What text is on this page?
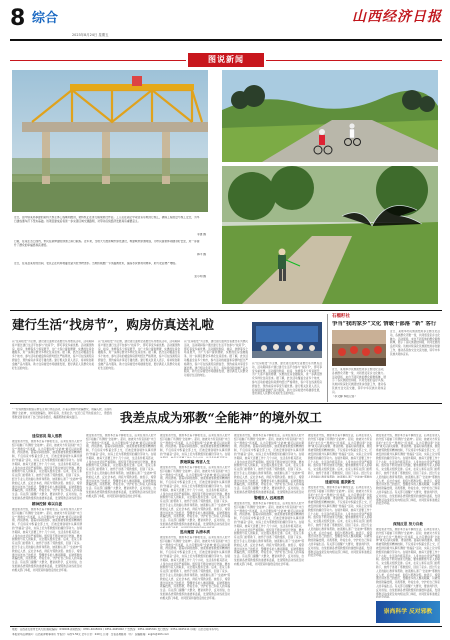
8 综合
2023年8月24日 星期五
山西经济日报
图说新闻
近日，由中铁某局承建的某特大桥主体工程顺利推进，架桥机正在进行箱梁架设作业。工人们在高空中紧张有序地进行施工，确保工程质量与施工安全，为早日建成通车打下坚实基础。该项目建成后将进一步完善区域交通路网，对带动沿线经济发展具有重要意义。
李建 摄
日前，在某生态公园内，市民在新修建的绿道上骑行锻炼。近年来，当地大力推进城市绿化建设，构建城市绿道网络，为市民提供休闲健身好去处，进一步提升了群众的幸福感和获得感。
韩平 摄
近日，在某县某村的田间，农民正在利用喷灌设备为农作物浇水。当地积极推广节水灌溉技术，提高水资源利用效率，助力农业增产增收。
张小明 摄
建行生活“找房节”，购房仿真送礼啦
以“住房租赁”为主题，建设银行面向全省推出系列惠民活动，活动期间客户通过建行生活平台参与“找房节”，即可享受多重优惠。活动围绕购房、租房、装修等多个场景展开，为广大客户提供便捷、实惠的住房金融服务，进一步满足群众多样化住房需求。据了解，此次活动覆盖全省多个地市，参与活动的楼盘和房源均经过严格筛选，客户可在线浏览房源信息、预约看房并享受专属优惠。建行相关负责人表示，将持续创新金融产品与服务，助力住房租赁市场健康发展，更好满足人民群众对美好生活的向往。
以“住房租赁”为主题，建设银行面向全省推出系列惠民活动，活动期间客户通过建行生活平台参与“找房节”，即可享受多重优惠。活动围绕购房、租房、装修等多个场景展开，为广大客户提供便捷、实惠的住房金融服务，进一步满足群众多样化住房需求。据了解，此次活动覆盖全省多个地市，参与活动的楼盘和房源均经过严格筛选，客户可在线浏览房源信息、预约看房并享受专属优惠。建行相关负责人表示，将持续创新金融产品与服务，助力住房租赁市场健康发展，更好满足人民群众对美好生活的向往。
以“住房租赁”为主题，建设银行面向全省推出系列惠民活动，活动期间客户通过建行生活平台参与“找房节”，即可享受多重优惠。活动围绕购房、租房、装修等多个场景展开，为广大客户提供便捷、实惠的住房金融服务，进一步满足群众多样化住房需求。据了解，此次活动覆盖全省多个地市，参与活动的楼盘和房源均经过严格筛选，客户可在线浏览房源信息、预约看房并享受专属优惠。建行相关负责人表示，将持续创新金融产品与服务，助力住房租赁市场健康发展，更好满足人民群众对美好生活的向往。
以“住房租赁”为主题，建设银行面向全省推出系列惠民活动，活动期间客户通过建行生活平台参与“找房节”，即可享受多重优惠。活动围绕购房、租房、装修等多个场景展开，为广大客户提供便捷、实惠的住房金融服务，进一步满足群众多样化住房需求。据了解，此次活动覆盖全省多个地市，参与活动的楼盘和房源均经过严格筛选，客户可在线浏览房源信息、预约看房并享受专属优惠。建行相关负责人表示，将持续创新金融产品与服务，助力住房租赁市场健康发展，更好满足人民群众对美好生活的向往。
石榴籽社
争当“我的家乡”文化 情暖千部落 “新” 客行
近日，某地举办民族团结进步主题文化活动，各族群众齐聚一堂，共同感受家乡文化魅力。活动现场，来自不同民族的群众载歌载舞，展示了各民族团结和睦、共同发展的良好风貌。该地持续深化民族团结进步创建工作，推动各民族交往交流交融，铸牢中华民族共同体意识。
近日，某地举办民族团结进步主题文化活动，各族群众齐聚一堂，共同感受家乡文化魅力。活动现场，来自不同民族的群众载歌载舞，展示了各民族团结和睦、共同发展的良好风貌。该地持续深化民族团结进步创建工作，推动各民族交往交流交融，铸牢中华民族共同体意识。
（李文静 本报记者）
“一些邪教组织假借宗教名义进行非法活动，打着宗教旗号欺骗群众，诱骗入教，宣扬所谓的‘全能神’，实则敛财骗色，破坏家庭，危害社会。”在近日召开的座谈会上，曾经的邪教受害者讲述了自己的亲身经历，揭露邪教的真实面目。	我差点成为邪教“全能神”的境外奴工
迷信邪说 陷入邪教
据受害者介绍，她原本过着平静的生活，后来在身边人的介绍下接触了所谓的“全能神”。起初，她被对方所宣扬的“末日论”“得救论”所迷惑，认为只要信奉“全能神”就可以消灾避祸、得到拯救。随着时间的推移，她逐渐被邪教组织精神控制，不仅将家中积蓄全部上交，还被安排到境外从事所谓的“传福音”活动，实际上沦为邪教组织的廉价劳动力。在境外期间，她每天需要工作十几个小时，生活条件极其恶劣，人身自由也受到严格限制。组织者不断对她进行洗脑，要求她断绝与家人的联系，完全服从组织安排。后来，在家人和有关部门的帮助下，她终于逃离了邪教组织，回到了家乡。经过专业人员的耐心教育和帮助，她逐渐认清了“全能神”邪教的反人类、反社会本质，彻底与邪教决裂。她表示，希望通过讲述自己的经历，警醒更多的人擦亮眼睛，识破邪教的欺骗伎俩，远离邪教，珍爱生命，守护好自己和家人的幸福生活。有关部门提醒广大群众，要崇尚科学，反对迷信，自觉抵制各类邪教组织的渗透和蛊惑，发现邪教活动线索及时
精神控制 难以自拔
据受害者介绍，她原本过着平静的生活，后来在身边人的介绍下接触了所谓的“全能神”。起初，她被对方所宣扬的“末日论”“得救论”所迷惑，认为只要信奉“全能神”就可以消灾避祸、得到拯救。随着时间的推移，她逐渐被邪教组织精神控制，不仅将家中积蓄全部上交，还被安排到境外从事所谓的“传福音”活动，实际上沦为邪教组织的廉价劳动力。在境外期间，她每天需要工作十几个小时，生活条件极其恶劣，人身自由也受到严格限制。组织者不断对她进行洗脑，要求她断绝与家人的联系，完全服从组织安排。后来，在家人和有关部门的帮助下，她终于逃离了邪教组织，回到了家乡。经过专业人员的耐心教育和帮助，她逐渐认清了“全能神”邪教的反人类、反社会本质，彻底与邪教决裂。她表示，希望通过讲述自己的经历，警醒更多的人擦亮眼睛，识破邪教的欺骗伎俩，远离邪教，珍爱生命，守护好自己和家人的幸福生活。有关部门提醒广大群众，要崇尚科学，反对迷信，自觉抵制各类邪教组织的渗透和蛊惑，发现邪教活动线索及时向相关部门举报，共同营造和谐稳定的社会环境。
据受害者介绍，她原本过着平静的生活，后来在身边人的介绍下接触了所谓的“全能神”。起初，她被对方所宣扬的“末日论”“得救论”所迷惑，认为只要信奉“全能神”就可以消灾避祸、得到拯救。随着时间的推移，她逐渐被邪教组织精神控制，不仅将家中积蓄全部上交，还被安排到境外从事所谓的“传福音”活动，实际上沦为邪教组织的廉价劳动力。在境外期间，她每天需要工作十几个小时，生活条件极其恶劣，人身自由也受到严格限制。组织者不断对她进行洗脑，要求她断绝与家人的联系，完全服从组织安排。后来，在家人和有关部门的帮助下，她终于逃离了邪教组织，回到了家乡。经过专业人员的耐心教育和帮助，她逐渐认清了“全能神”邪教的反人类、反社会本质，彻底与邪教决裂。她表示，希望通过讲述自己的经历，警醒更多的人擦亮眼睛，识破邪教的欺骗伎俩，远离邪教，珍爱生命，守护好自己和家人的幸福生活。有关部门提醒广大群众，要崇尚科学，反对迷信，自觉抵制各类邪教组织的渗透和蛊惑，发现邪教活动线索及时向相关部门举报，共同营造和谐稳定的社会环境。
据受害者介绍，她原本过着平静的生活，后来在身边人的介绍下接触了所谓的“全能神”。起初，她被对方所宣扬的“末日论”“得救论”所迷惑，认为只要信奉“全能神”就可以消灾避祸、得到拯救。随着时间的推移，她逐渐被邪教组织精神控制，不仅将家中积蓄全部上交，还被安排到境外从事所谓的“传福音”活动，实际上沦为邪教组织的廉价劳动力。在境
教唆欺骗 残害人生
据受害者介绍，她原本过着平静的生活，后来在身边人的介绍下接触了所谓的“全能神”。起初，她被对方所宣扬的“末日论”“得救论”所迷惑，认为只要信奉“全能神”就可以消灾避祸、得到拯救。随着时间的推移，她逐渐被邪教组织精神控制，不仅将家中积蓄全部上交，还被安排到境外从事所谓的“传福音”活动，实际上沦为邪教组织的廉价劳动力。在境外期间，她每天需要工作十几个小时，生活条件极其恶劣，人身自由也受到严格限制。组织者不断对她进行洗脑，要求她断绝与家人的联系，完全服从组织安排。后来，在家人和有关部门的帮助下，她终于逃离了邪教组织，回到了家乡。经过专业人员的耐心教育和帮助，她逐渐认清了“全能神”邪教的反人类、反社会本质，彻底与邪教决裂。她表示，希望通过讲述自己的经历，警醒更多的人擦亮眼睛，识破邪教的欺骗伎俩，远离邪教，珍爱生命，守护好自己和家人的幸福生活。有关部门提醒广大群众，要崇尚科学，反对迷信，自觉抵制各类邪教组织的渗透和蛊惑，发现邪教活动线索及时
逃出魔窟 认清本质
据受害者介绍，她原本过着平静的生活，后来在身边人的介绍下接触了所谓的“全能神”。起初，她被对方所宣扬的“末日论”“得救论”所迷惑，认为只要信奉“全能神”就可以消灾避祸、得到拯救。随着时间的推移，她逐渐被邪教组织精神控制，不仅将家中积蓄全部上交，还被安排到境外从事所谓的“传福音”活动，实际上沦为邪教组织的廉价劳动力。在境外期间，她每天需要工作十几个小时，生活条件极其恶劣，人身自由也受到严格限制。组织者不断对她进行洗脑，要求她断绝与家人的联系，完全服从组织安排。后来，在家人和有关部门的帮助下，她终于逃离了邪教组织，回到了家乡。经过专业人员的耐心教育和帮助，她逐渐认清了“全能神”邪教的反人类、反社会本质，彻底与邪教决裂。她表示，希望通过讲述自己的经历，警醒更多的人擦亮眼睛，识破邪教的欺骗伎俩，远离邪教，珍爱生命，守护好自己和家人的幸福生活。有关部门提醒广大群众，要崇尚科学，反对迷信，自觉抵制各类邪教组织的渗透和蛊惑，发现邪教活动线索及时向相关部门举报，共同营造和谐稳定的社会环境。
据受害者介绍，她原本过着平静的生活，后来在身边人的介绍下接触了所谓的“全能神”。起初，她被对方所宣扬的“末日论”“得救论”所迷惑，认为只要信奉“全能神”就可以消灾避祸、得到拯救。随着时间的推移，她逐渐被邪教组织精神控制，不仅将家中积蓄全部上交，还被安排到境外从事所谓的“传福音”活动，实际上沦为邪教组织的廉价劳动力。在境外期间，她每天需要工作十几个小时，生活条件极其恶劣，人身自由也受到严格限制。组织者不断对她进行洗脑，要求她断绝与家人的联系，完全服从组织安排。后来，在家人和有关部门的帮助下，她终于逃离了邪教组织，回到了家乡。经过专业人员的耐心教育和帮助，她逐渐认清了“全能神”邪教的反人类、反社会本质，彻底与邪教决裂。她表示，希望通过讲述自己的经历，警醒更多的人擦亮眼睛，识破邪教的欺骗伎俩，远离邪教，珍爱生命，守护好自己和家人的幸福生活。有关部门提醒广大群众，要崇尚科学，反对迷信，自觉抵制各类邪教组织的渗透和蛊惑，发现邪教活动线索及时
警醒世人 远离邪教
据受害者介绍，她原本过着平静的生活，后来在身边人的介绍下接触了所谓的“全能神”。起初，她被对方所宣扬的“末日论”“得救论”所迷惑，认为只要信奉“全能神”就可以消灾避祸、得到拯救。随着时间的推移，她逐渐被邪教组织精神控制，不仅将家中积蓄全部上交，还被安排到境外从事所谓的“传福音”活动，实际上沦为邪教组织的廉价劳动力。在境外期间，她每天需要工作十几个小时，生活条件极其恶劣，人身自由也受到严格限制。组织者不断对她进行洗脑，要求她断绝与家人的联系，完全服从组织安排。后来，在家人和有关部门的帮助下，她终于逃离了邪教组织，回到了家乡。经过专业人员的耐心教育和帮助，她逐渐认清了“全能神”邪教的反人类、反社会本质，彻底与邪教决裂。她表示，希望通过讲述自己的经历，警醒更多的人擦亮眼睛，识破邪教的欺骗伎俩，远离邪教，珍爱生命，守护好自己和家人的幸福生活。有关部门提醒广大群众，要崇尚科学，反对迷信，自觉抵制各类邪教组织的渗透和蛊惑，发现邪教活动线索及时向相关部门举报，共同营造和谐稳定的社会环境。
据受害者介绍，她原本过着平静的生活，后来在身边人的介绍下接触了所谓的“全能神”。起初，她被对方所宣扬的“末日论”“得救论”所迷惑，认为只要信奉“全能神”就可以消灾避祸、得到拯救。随着时间的推移，她逐渐被邪教组织精神控制，不仅将家中积蓄全部上交，还被安排到境外从事所谓的“传福音”活动，实际上沦为邪教组织的廉价劳动力。在境外期间，她每天需要工作十几个小时，生活条件极其恶劣，人身自由也受到严格限制。组织者不断对她进行洗脑，要求她断绝与家人的联系，完全服从组织安排。后来，在家人和有关部门的帮助下，她终于逃离了邪教组织，回到了家乡。经过专业人员的耐心教育和帮助，她逐渐认清了“全能神”邪教的
迷途知返 重获新生
据受害者介绍，她原本过着平静的生活，后来在身边人的介绍下接触了所谓的“全能神”。起初，她被对方所宣扬的“末日论”“得救论”所迷惑，认为只要信奉“全能神”就可以消灾避祸、得到拯救。随着时间的推移，她逐渐被邪教组织精神控制，不仅将家中积蓄全部上交，还被安排到境外从事所谓的“传福音”活动，实际上沦为邪教组织的廉价劳动力。在境外期间，她每天需要工作十几个小时，生活条件极其恶劣，人身自由也受到严格限制。组织者不断对她进行洗脑，要求她断绝与家人的联系，完全服从组织安排。后来，在家人和有关部门的帮助下，她终于逃离了邪教组织，回到了家乡。经过专业人员的耐心教育和帮助，她逐渐认清了“全能神”邪教的反人类、反社会本质，彻底与邪教决裂。她表示，希望通过讲述自己的经历，警醒更多的人擦亮眼睛，识破邪教的欺骗伎俩，远离邪教，珍爱生命，守护好自己和家人的幸福生活。有关部门提醒广大群众，要崇尚科学，反对迷信，自觉抵制各类邪教组织的渗透和蛊惑，发现邪教活动线索及时向相关部门举报，共同营造和谐稳定的社会环境。
据受害者介绍，她原本过着平静的生活，后来在身边人的介绍下接触了所谓的“全能神”。起初，她被对方所宣扬的“末日论”“得救论”所迷惑，认为只要信奉“全能神”就可以消灾避祸、得到拯救。随着时间的推移，她逐渐被邪教组织精神控制，不仅将家中积蓄全部上交，还被安排到境外从事所谓的“传福音”活动，实际上沦为邪教组织的廉价劳动力。在境外期间，她每天需要工作十几个小时，生活条件极其恶劣，人身自由也受到严格限制。组织者不断对她进行洗脑，要求她断绝与家人的联系，完全服从组织安排。后来，在家人和有关部门的帮助下，她终于逃离了邪教组织，回到了家乡。经过专业人员的耐心教育和帮助，她逐渐认清了“全能神”邪教的反人类、反社会本质，彻底与邪教决裂。她表示，希望通过讲述自己的经历，警醒更多的人擦亮眼睛，识破邪教的欺骗伎俩，远离邪教，珍爱生命，守护好自己和家人的幸福生活。有关部门提醒广大群众，要崇尚科学，反对迷信，自觉抵制各类邪教组织的渗透和蛊惑，发现邪教活动线索及时向相关部门举报，共同营造和谐稳定的社会环境。
深刻反思 努力自救
据受害者介绍，她原本过着平静的生活，后来在身边人的介绍下接触了所谓的“全能神”。起初，她被对方所宣扬的“末日论”“得救论”所迷惑，认为只要信奉“全能神”就可以消灾避祸、得到拯救。随着时间的推移，她逐渐被邪教组织精神控制，不仅将家中积蓄全部上交，还被安排到境外从事所谓的“传福音”活动，实际上沦为邪教组织的廉价劳动力。在境外期间，她每天需要工作十几个小时，生活条件极其恶劣，人身自由也受到严格限制。组织者不断对她进行洗脑，要求她断绝与家人的联系，完全服从组织安排。后来，在家人和有关部门的帮助下，她终于逃离了邪教组织，回到了家乡。经过专业人员的耐心教育和帮助，她逐渐认清了“全能神”邪教的反人类、反社会本质，彻底与邪教决裂。她表示，希望通过讲述自己的经历，警醒更多的人擦亮眼睛，识破邪教的欺骗伎俩，远离邪教，珍爱生命，守护好自己和家人的幸福生活。有关部门提醒广大群众，要崇尚科学，反对迷信，自觉抵制各类邪教组织的渗透和蛊惑，发现邪教活动线索及时向相关部门举报，共同营造和谐稳定的社会环境。
崇尚科学 反对邪教
地址：山西省太原市长风大街 邮政编码：030006 新闻热线：0351-4045001 / 0351-4045002 广告热线：0351-4045321 发行热线：0351-4045111 印刷：山西日报印务中心
本报常年法律顾问：山西某律师事务所 零售价：每份1.50元 全年订价：240元 订阅：全省各地邮局（所） 投稿邮箱：sxjjrb@163.com
